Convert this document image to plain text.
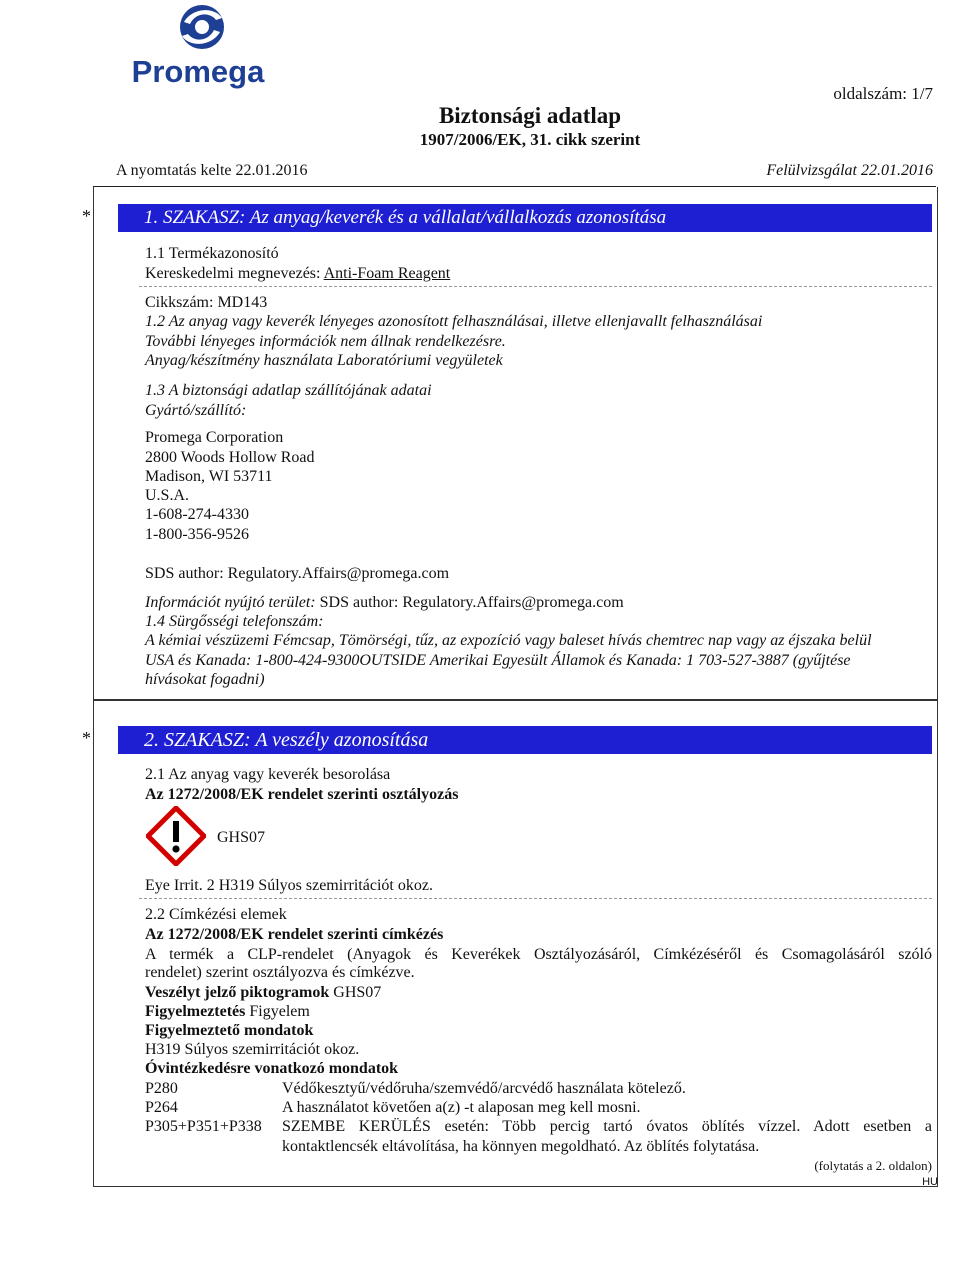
Promega
oldalszám: 1/7
Biztonsági adatlap
1907/2006/EK, 31. cikk szerint
A nyomtatás kelte 22.01.2016	Felülvizsgálat 22.01.2016
*	1. SZAKASZ: Az anyag/keverék és a vállalat/vállalkozás azonosítása
1.1 Termékazonosító
Kereskedelmi megnevezés: Anti-Foam Reagent
Cikkszám: MD143
1.2 Az anyag vagy keverék lényeges azonosított felhasználásai, illetve ellenjavallt felhasználásai
További lényeges információk nem állnak rendelkezésre.
Anyag/készítmény használata Laboratóriumi vegyületek
1.3 A biztonsági adatlap szállítójának adatai
Gyártó/szállító:
Promega Corporation
2800 Woods Hollow Road
Madison, WI 53711
U.S.A.
1-608-274-4330
1-800-356-9526
SDS author: Regulatory.Affairs@promega.com
Információt nyújtó terület: SDS author: Regulatory.Affairs@promega.com
1.4 Sürgősségi telefonszám:
A kémiai vészüzemi Fémcsap, Tömörségi, tűz, az expozíció vagy baleset hívás chemtrec nap vagy az éjszaka belül
USA és Kanada: 1-800-424-9300OUTSIDE Amerikai Egyesült Államok és Kanada: 1 703-527-3887 (gyűjtése
hívásokat fogadni)
*	2. SZAKASZ: A veszély azonosítása
2.1 Az anyag vagy keverék besorolása
Az 1272/2008/EK rendelet szerinti osztályozás
GHS07
Eye Irrit. 2 H319 Súlyos szemirritációt okoz.
2.2 Címkézési elemek
Az 1272/2008/EK rendelet szerinti címkézés
A termék a CLP-rendelet (Anyagok és Keverékek Osztályozásáról, Címkézéséről és Csomagolásáról szóló
rendelet) szerint osztályozva és címkézve.
Veszélyt jelző piktogramok GHS07
Figyelmeztetés Figyelem
Figyelmeztető mondatok
H319 Súlyos szemirritációt okoz.
Óvintézkedésre vonatkozó mondatok
P280	Védőkesztyű/védőruha/szemvédő/arcvédő használata kötelező.
P264	A használatot követően a(z) -t alaposan meg kell mosni.
P305+P351+P338 SZEMBE KERÜLÉS esetén: Több percig tartó óvatos öblítés vízzel. Adott esetben a
kontaktlencsék eltávolítása, ha könnyen megoldható. Az öblítés folytatása.
(folytatás a 2. oldalon)
HU
